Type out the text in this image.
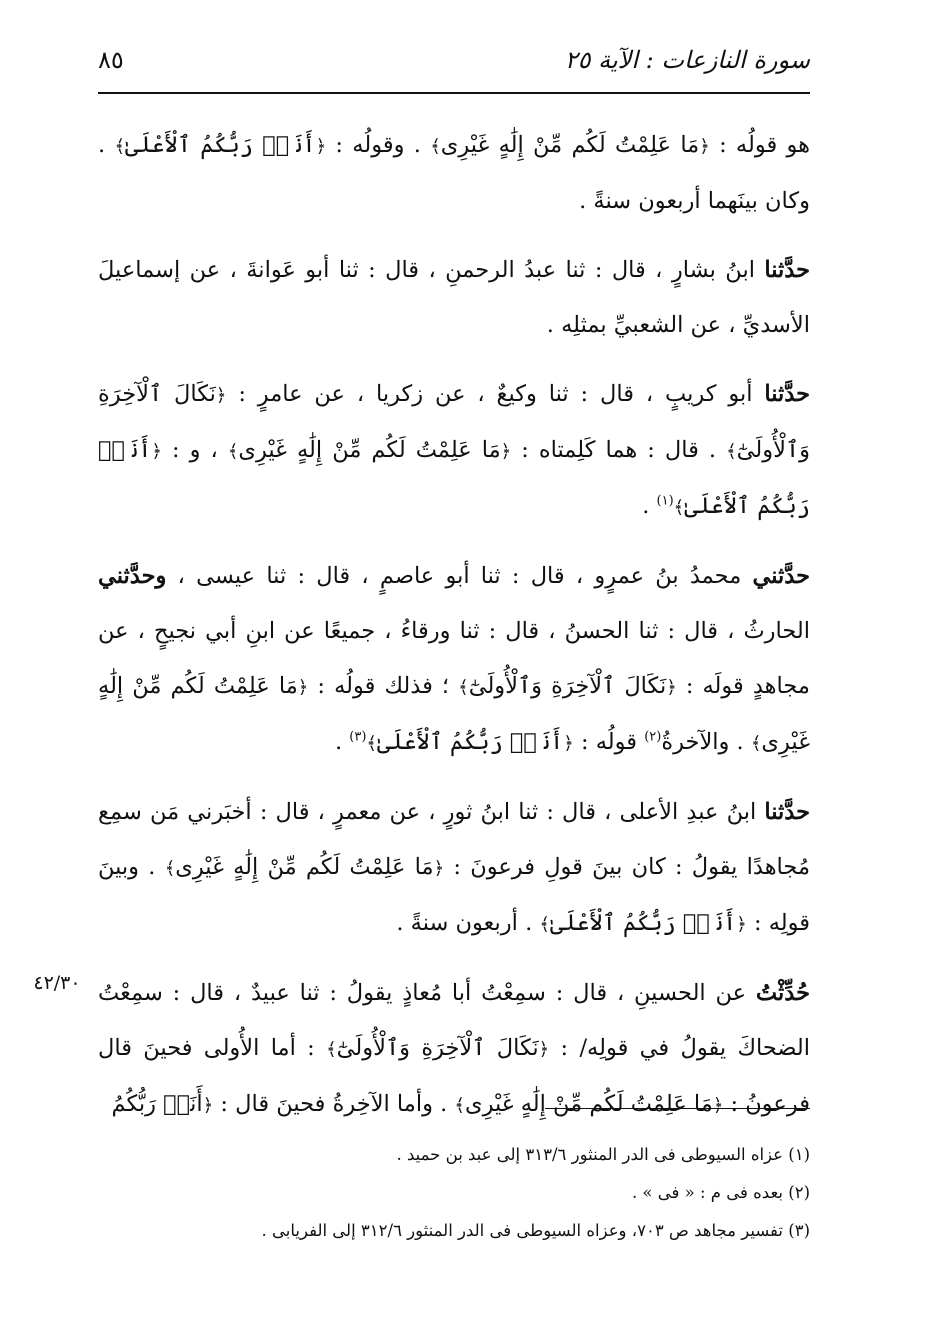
سورة النازعات : الآية ٢٥
٨٥
٤٢/٣٠

هو قولُه : ﴿مَا عَلِمْتُ لَكُم مِّنْ إِلَٰهٍ غَيْرِى﴾ . وقولُه : ﴿أَنَا۠ رَبُّكُمُ ٱلْأَعْلَىٰ﴾ . وكان بينَهما أربعون سنةً .

حدَّثنا ابنُ بشارٍ ، قال : ثنا عبدُ الرحمنِ ، قال : ثنا أبو عَوانةَ ، عن إسماعيلَ الأسديِّ ، عن الشعبيِّ بمثلِه .

حدَّثنا أبو كريبٍ ، قال : ثنا وكيعٌ ، عن زكريا ، عن عامرٍ : ﴿نَكَالَ ٱلْآخِرَةِ وَٱلْأُولَىٰٓ﴾ . قال : هما كَلِمتاه : ﴿مَا عَلِمْتُ لَكُم مِّنْ إِلَٰهٍ غَيْرِى﴾ ، و : ﴿أَنَا۠ رَبُّكُمُ ٱلْأَعْلَىٰ﴾$^{(١)}$ .

حدَّثني محمدُ بنُ عمرٍو ، قال : ثنا أبو عاصمٍ ، قال : ثنا عيسى ، وحدَّثني الحارثُ ، قال : ثنا الحسنُ ، قال : ثنا ورقاءُ ، جميعًا عن ابنِ أبي نجيحٍ ، عن مجاهدٍ قولَه : ﴿نَكَالَ ٱلْآخِرَةِ وَٱلْأُولَىٰٓ﴾ ؛ فذلك قولُه : ﴿مَا عَلِمْتُ لَكُم مِّنْ إِلَٰهٍ غَيْرِى﴾ . والآخرةُ$^{(٢)}$ قولُه : ﴿أَنَا۠ رَبُّكُمُ ٱلْأَعْلَىٰ﴾$^{(٣)}$ .

حدَّثنا ابنُ عبدِ الأعلى ، قال : ثنا ابنُ ثورٍ ، عن معمرٍ ، قال : أخبَرني مَن سمِع مُجاهدًا يقولُ : كان بينَ قولِ فرعونَ : ﴿مَا عَلِمْتُ لَكُم مِّنْ إِلَٰهٍ غَيْرِى﴾ . وبينَ قولِه : ﴿أَنَا۠ رَبُّكُمُ ٱلْأَعْلَىٰ﴾ . أربعون سنةً .

حُدِّثْتُ عن الحسينِ ، قال : سمِعْتُ أبا مُعاذٍ يقولُ : ثنا عبيدٌ ، قال : سمِعْتُ الضحاكَ يقولُ في قولِه/ : ﴿نَكَالَ ٱلْآخِرَةِ وَٱلْأُولَىٰٓ﴾ : أما الأُولى فحينَ قال فرعونُ : ﴿مَا عَلِمْتُ لَكُم مِّنْ إِلَٰهٍ غَيْرِى﴾ . وأما الآخِرةُ فحينَ قال : ﴿أَنَا۠ رَبُّكُمُ

(١) عزاه السيوطى فى الدر المنثور ٣١٣/٦ إلى عبد بن حميد .

(٢) بعده فى م : « فى » .

(٣) تفسير مجاهد ص ٧٠٣، وعزاه السيوطى فى الدر المنثور ٣١٢/٦ إلى الفريابى .
